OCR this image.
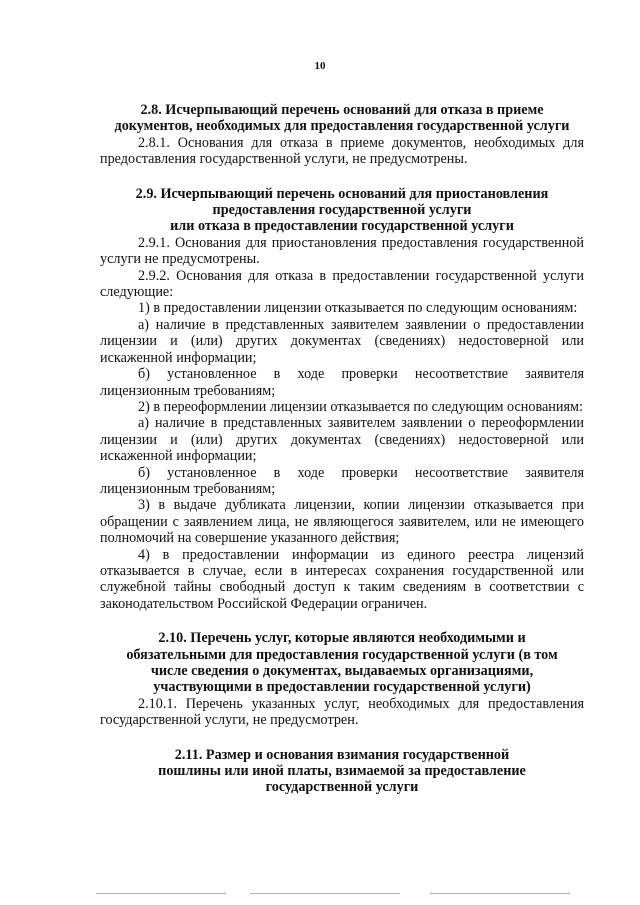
10
2.8. Исчерпывающий перечень оснований для отказа в приеме
документов, необходимых для предоставления государственной услуги
2.8.1. Основания для отказа в приеме документов, необходимых для предоставления государственной услуги, не предусмотрены.
2.9. Исчерпывающий перечень оснований для приостановления
предоставления государственной услуги
или отказа в предоставлении государственной услуги
2.9.1. Основания для приостановления предоставления государственной услуги не предусмотрены.
2.9.2. Основания для отказа в предоставлении государственной услуги следующие:
1) в предоставлении лицензии отказывается по следующим основаниям:
а) наличие в представленных заявителем заявлении о предоставлении лицензии и (или) других документах (сведениях) недостоверной или искаженной информации;
б) установленное в ходе проверки несоответствие заявителя лицензионным требованиям;
2) в переоформлении лицензии отказывается по следующим основаниям:
а) наличие в представленных заявителем заявлении о переоформлении лицензии и (или) других документах (сведениях) недостоверной или искаженной информации;
б) установленное в ходе проверки несоответствие заявителя лицензионным требованиям;
3) в выдаче дубликата лицензии, копии лицензии отказывается при обращении с заявлением лица, не являющегося заявителем, или не имеющего полномочий на совершение указанного действия;
4) в предоставлении информации из единого реестра лицензий отказывается в случае, если в интересах сохранения государственной или служебной тайны свободный доступ к таким сведениям в соответствии с законодательством Российской Федерации ограничен.
2.10. Перечень услуг, которые являются необходимыми и
обязательными для предоставления государственной услуги (в том
числе сведения о документах, выдаваемых организациями,
участвующими в предоставлении государственной услуги)
2.10.1. Перечень указанных услуг, необходимых для предоставления государственной услуги, не предусмотрен.
2.11. Размер и основания взимания государственной
пошлины или иной платы, взимаемой за предоставление
государственной услуги
